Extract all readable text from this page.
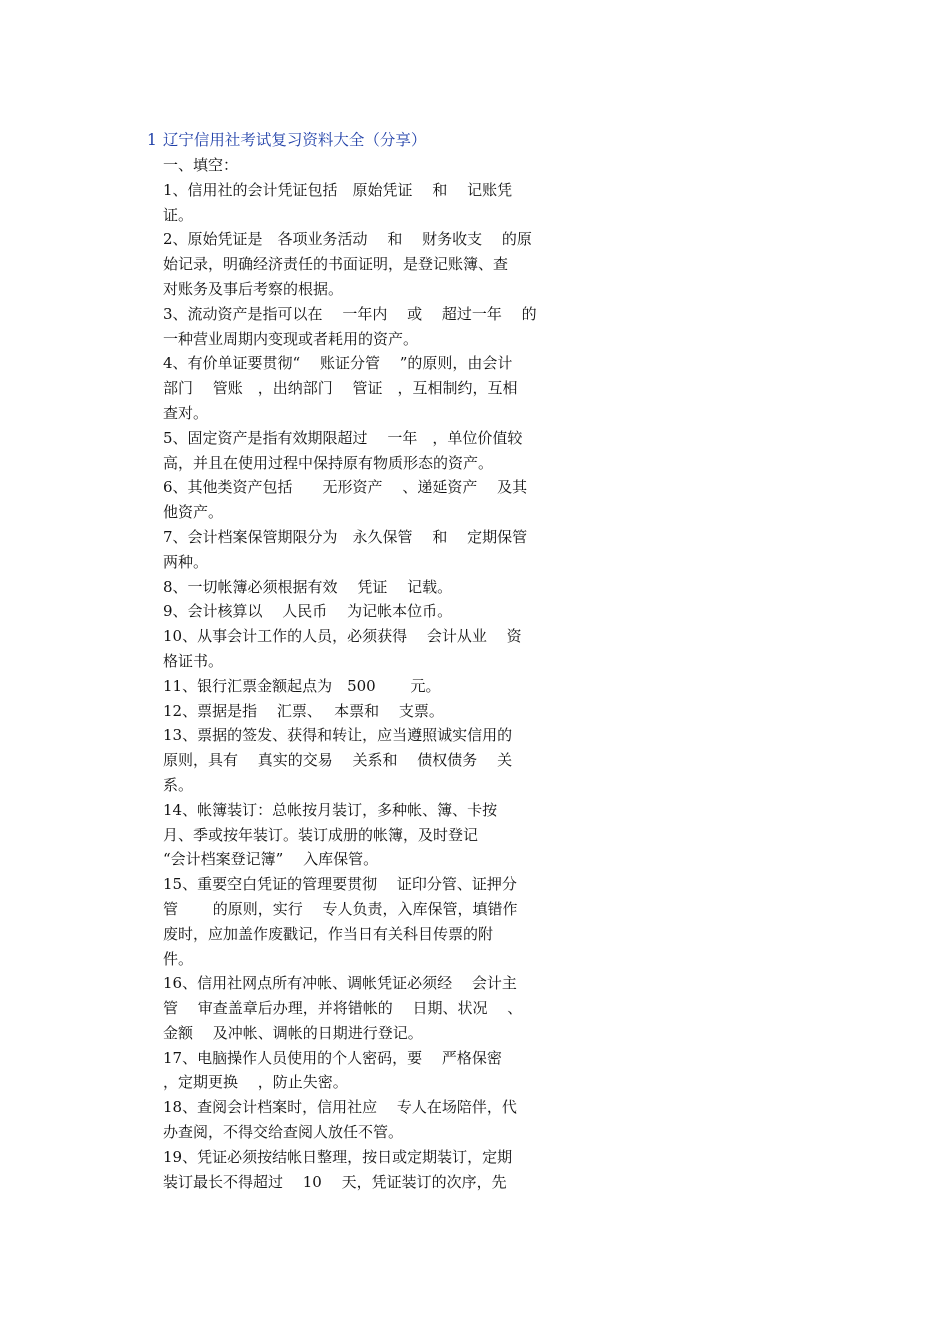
1 辽宁信用社考试复习资料大全（分享）
一、填空：
1、信用社的会计凭证包括　原始凭证　 和　 记账凭
证。
2、原始凭证是　各项业务活动　 和　 财务收支　 的原
始记录，明确经济责任的书面证明，是登记账簿、查
对账务及事后考察的根据。
3、流动资产是指可以在　 一年内　 或　 超过一年　 的
一种营业周期内变现或者耗用的资产。
4、有价单证要贯彻“　 账证分管　 ”的原则，由会计
部门　 管账　，出纳部门　 管证　，互相制约，互相
查对。
5、固定资产是指有效期限超过　 一年　，单位价值较
高，并且在使用过程中保持原有物质形态的资产。
6、其他类资产包括　　无形资产　 、递延资产　 及其
他资产。
7、会计档案保管期限分为　永久保管　 和　 定期保管
两种。
8、一切帐簿必须根据有效　 凭证　 记载。
9、会计核算以　 人民币　 为记帐本位币。
10、从事会计工作的人员，必须获得　 会计从业　 资
格证书。
11、银行汇票金额起点为　500　　 元。
12、票据是指　 汇票、　 本票和　 支票。
13、票据的签发、获得和转让，应当遵照诚实信用的
原则，具有　 真实的交易　 关系和　 债权债务　 关
系。
14、帐簿装订：总帐按月装订，多种帐、簿、卡按
月、季或按年装订。装订成册的帐簿，及时登记
“会计档案登记簿”　 入库保管。
15、重要空白凭证的管理要贯彻　 证印分管、证押分
管　　 的原则，实行　 专人负责，入库保管，填错作
废时，应加盖作废戳记，作当日有关科目传票的附
件。
16、信用社网点所有冲帐、调帐凭证必须经　 会计主
管　 审查盖章后办理，并将错帐的　 日期、状况　 、
金额　 及冲帐、调帐的日期进行登记。
17、电脑操作人员使用的个人密码，要　 严格保密
，定期更换　 ，防止失密。
18、查阅会计档案时，信用社应　 专人在场陪伴，代
办查阅，不得交给查阅人放任不管。
19、凭证必须按结帐日整理，按日或定期装订，定期
装订最长不得超过　 10　 天，凭证装订的次序，先
